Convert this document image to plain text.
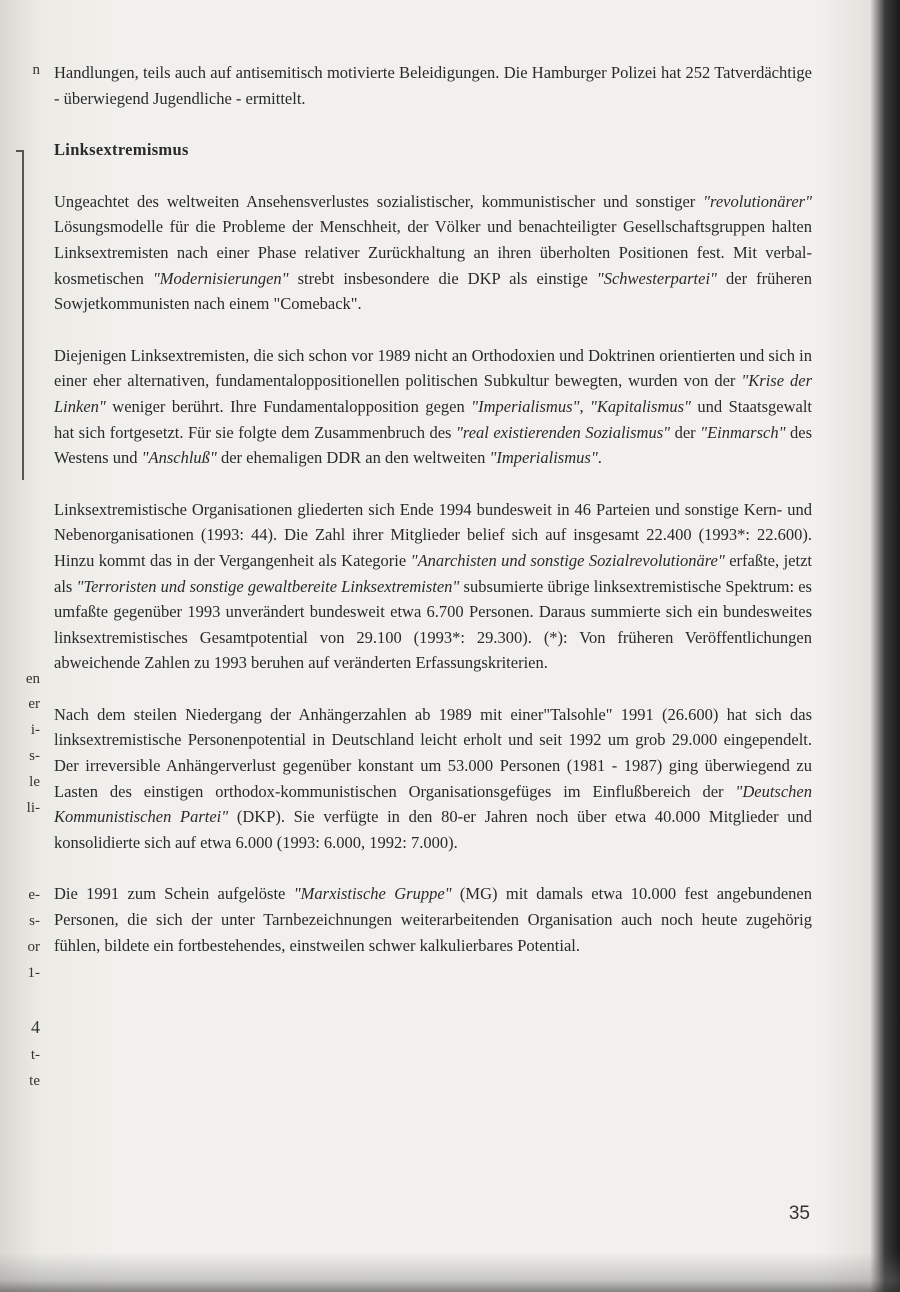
n
en
er
i-
s-
le
li-
e-
s-
or
1-
4
t-
te

Handlungen, teils auch auf antisemitisch motivierte Beleidigungen. Die Hamburger Polizei hat 252 Tatverdächtige - überwiegend Jugendliche - ermittelt.

Linksextremismus

Ungeachtet des weltweiten Ansehensverlustes sozialistischer, kommunistischer und sonstiger "revolutionärer" Lösungsmodelle für die Probleme der Menschheit, der Völker und benachteiligter Gesellschaftsgruppen halten Linksextremisten nach einer Phase relativer Zurückhaltung an ihren überholten Positionen fest. Mit verbal-kosmetischen "Modernisierungen" strebt insbesondere die DKP als einstige "Schwesterpartei" der früheren Sowjetkommunisten nach einem "Comeback".

Diejenigen Linksextremisten, die sich schon vor 1989 nicht an Orthodoxien und Doktrinen orientierten und sich in einer eher alternativen, fundamentaloppositionellen politischen Subkultur bewegten, wurden von der "Krise der Linken" weniger berührt. Ihre Fundamentalopposition gegen "Imperialismus", "Kapitalismus" und Staatsgewalt hat sich fortgesetzt. Für sie folgte dem Zusammenbruch des "real existierenden Sozialismus" der "Einmarsch" des Westens und "Anschluß" der ehemaligen DDR an den weltweiten "Imperialismus".

Linksextremistische Organisationen gliederten sich Ende 1994 bundesweit in 46 Parteien und sonstige Kern- und Nebenorganisationen (1993: 44). Die Zahl ihrer Mitglieder belief sich auf insgesamt 22.400 (1993*: 22.600). Hinzu kommt das in der Vergangenheit als Kategorie "Anarchisten und sonstige Sozialrevolutionäre" erfaßte, jetzt als "Terroristen und sonstige gewaltbereite Linksextremisten" subsumierte übrige linksextremistische Spektrum: es umfaßte gegenüber 1993 unverändert bundesweit etwa 6.700 Personen. Daraus summierte sich ein bundesweites linksextremistisches Gesamtpotential von 29.100 (1993*: 29.300). (*): Von früheren Veröffentlichungen abweichende Zahlen zu 1993 beruhen auf veränderten Erfassungskriterien.

Nach dem steilen Niedergang der Anhängerzahlen ab 1989 mit einer"Talsohle" 1991 (26.600) hat sich das linksextremistische Personenpotential in Deutschland leicht erholt und seit 1992 um grob 29.000 eingependelt. Der irreversible Anhängerverlust gegenüber konstant um 53.000 Personen (1981 - 1987) ging überwiegend zu Lasten des einstigen orthodox-kommunistischen Organisationsgefüges im Einflußbereich der "Deutschen Kommunistischen Partei" (DKP). Sie verfügte in den 80-er Jahren noch über etwa 40.000 Mitglieder und konsolidierte sich auf etwa 6.000 (1993: 6.000, 1992: 7.000).

Die 1991 zum Schein aufgelöste "Marxistische Gruppe" (MG) mit damals etwa 10.000 fest angebundenen Personen, die sich der unter Tarnbezeichnungen weiterarbeitenden Organisation auch noch heute zugehörig fühlen, bildete ein fortbestehendes, einstweilen schwer kalkulierbares Potential.

35
